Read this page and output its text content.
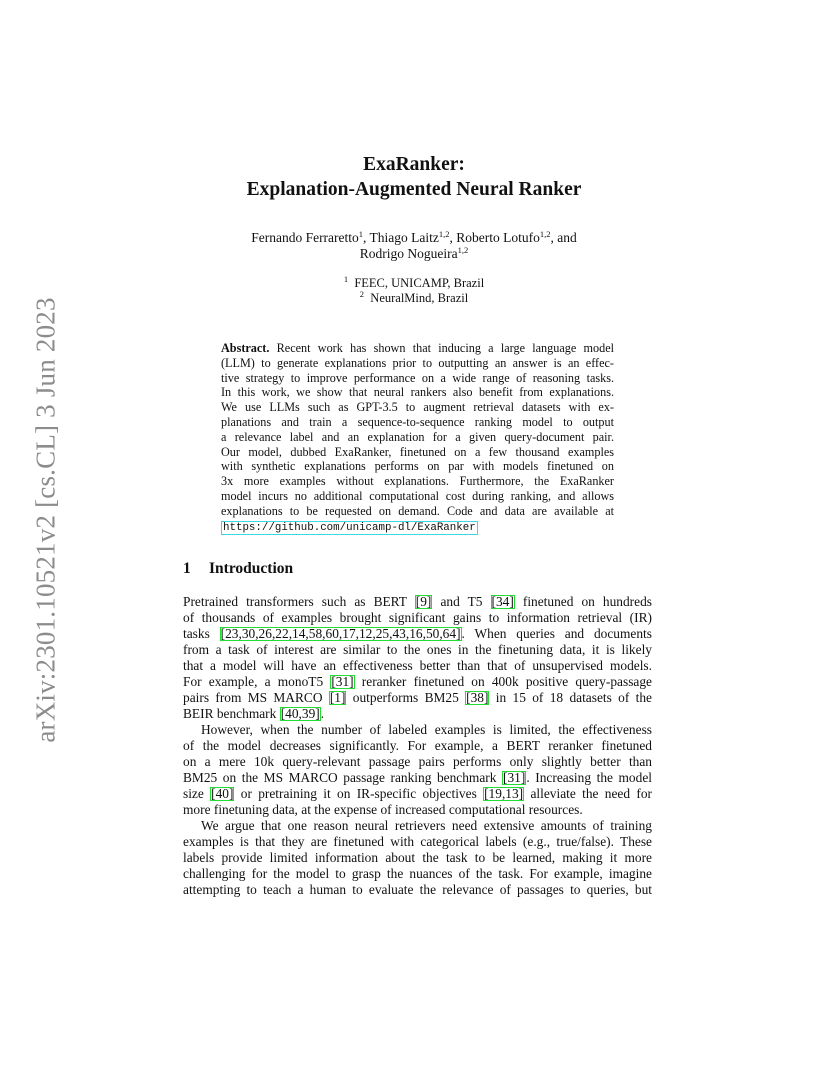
arXiv:2301.10521v2 [cs.CL] 3 Jun 2023
ExaRanker:
Explanation-Augmented Neural Ranker
Fernando Ferraretto$^1$, Thiago Laitz$^{1,2}$, Roberto Lotufo$^{1,2}$, and
Rodrigo Nogueira$^{1,2}$
$^1$ FEEC, UNICAMP, Brazil
$^2$ NeuralMind, Brazil
Abstract. Recent work has shown that inducing a large language model
(LLM) to generate explanations prior to outputting an answer is an effec-
tive strategy to improve performance on a wide range of reasoning tasks.
In this work, we show that neural rankers also benefit from explanations.
We use LLMs such as GPT-3.5 to augment retrieval datasets with ex-
planations and train a sequence-to-sequence ranking model to output
a relevance label and an explanation for a given query-document pair.
Our model, dubbed ExaRanker, finetuned on a few thousand examples
with synthetic explanations performs on par with models finetuned on
3x more examples without explanations. Furthermore, the ExaRanker
model incurs no additional computational cost during ranking, and allows
explanations to be requested on demand. Code and data are available at
https://github.com/unicamp-dl/ExaRanker
1 Introduction
Pretrained transformers such as BERT [9] and T5 [34] finetuned on hundreds
of thousands of examples brought significant gains to information retrieval (IR)
tasks [23,30,26,22,14,58,60,17,12,25,43,16,50,64]. When queries and documents
from a task of interest are similar to the ones in the finetuning data, it is likely
that a model will have an effectiveness better than that of unsupervised models.
For example, a monoT5 [31] reranker finetuned on 400k positive query-passage
pairs from MS MARCO [1] outperforms BM25 [38] in 15 of 18 datasets of the
BEIR benchmark [40,39].
However, when the number of labeled examples is limited, the effectiveness
of the model decreases significantly. For example, a BERT reranker finetuned
on a mere 10k query-relevant passage pairs performs only slightly better than
BM25 on the MS MARCO passage ranking benchmark [31]. Increasing the model
size [40] or pretraining it on IR-specific objectives [19,13] alleviate the need for
more finetuning data, at the expense of increased computational resources.
We argue that one reason neural retrievers need extensive amounts of training
examples is that they are finetuned with categorical labels (e.g., true/false). These
labels provide limited information about the task to be learned, making it more
challenging for the model to grasp the nuances of the task. For example, imagine
attempting to teach a human to evaluate the relevance of passages to queries, but
